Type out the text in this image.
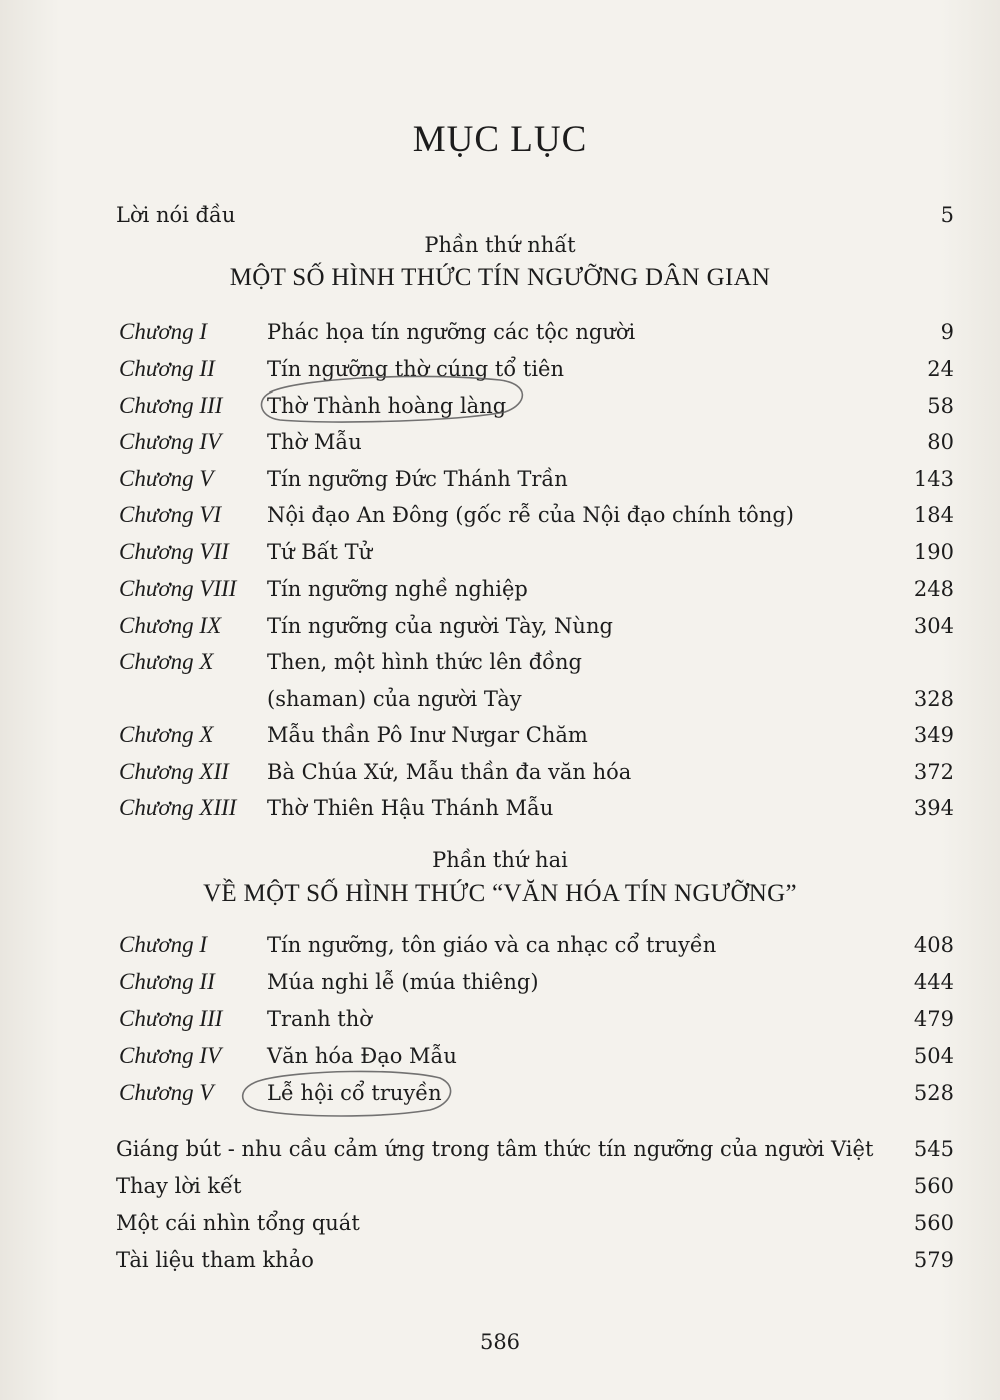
MỤC LỤC
Lời nói đầu	5
Phần thứ nhất
MỘT SỐ HÌNH THỨC TÍN NGƯỠNG DÂN GIAN
Chương I	Phác họa tín ngưỡng các tộc người	9
Chương II Tín ngưỡng thờ cúng tổ tiên	24
Chương III Thờ Thành hoàng làng	58
Chương IV Thờ Mẫu	80
Chương V	Tín ngưỡng Đức Thánh Trần	143
Chương VI Nội đạo An Đông (gốc rễ của Nội đạo chính tông)	184
Chương VII Tứ Bất Tử	190
Chương VIII Tín ngưỡng nghề nghiệp	248
Chương IX Tín ngưỡng của người Tày, Nùng	304
Chương X	Then, một hình thức lên đồng
(shaman) của người Tày	328
Chương X	Mẫu thần Pô Inư Nưgar Chăm	349
Chương XII Bà Chúa Xứ, Mẫu thần đa văn hóa	372
Chương XIII Thờ Thiên Hậu Thánh Mẫu	394
Phần thứ hai
VỀ MỘT SỐ HÌNH THỨC “VĂN HÓA TÍN NGƯỠNG”
Chương I	Tín ngưỡng, tôn giáo và ca nhạc cổ truyền	408
Chương II Múa nghi lễ (múa thiêng)	444
Chương III Tranh thờ	479
Chương IV Văn hóa Đạo Mẫu	504
Chương V	Lễ hội cổ truyền	528
Giáng bút - nhu cầu cảm ứng trong tâm thức tín ngưỡng của người Việt 545
Thay lời kết	560
Một cái nhìn tổng quát	560
Tài liệu tham khảo	579
586
